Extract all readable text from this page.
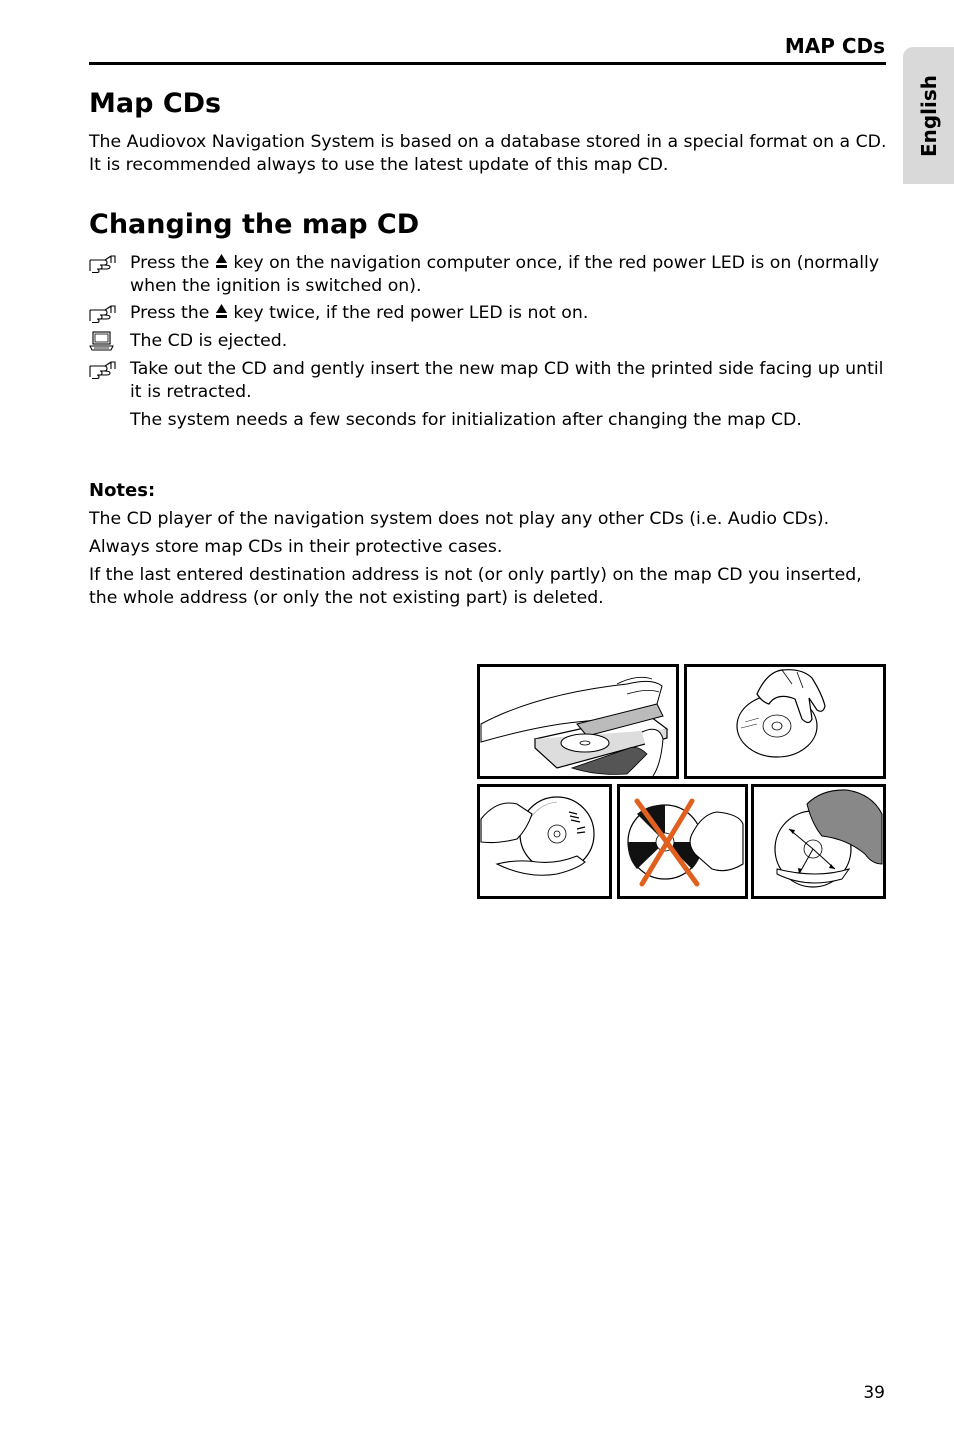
MAP CDs
English
Map CDs

The Audiovox Navigation System is based on a database stored in a special format on a CD. It is recommended always to use the latest update of this map CD.

Changing the map CD
Press the  key on the navigation computer once, if the red power LED is on (normally when the ignition is switched on).
Press the  key twice, if the red power LED is not on.
The CD is ejected.
Take out the CD and gently insert the new map CD with the printed side facing up until it is retracted.
The system needs a few seconds for initialization after changing the map CD.
Notes:

The CD player of the navigation system does not play any other CDs (i.e. Audio CDs).

Always store map CDs in their protective cases.

If the last entered destination address is not (or only partly) on the map CD you inserted, the whole address (or only the not existing part) is deleted.

39
